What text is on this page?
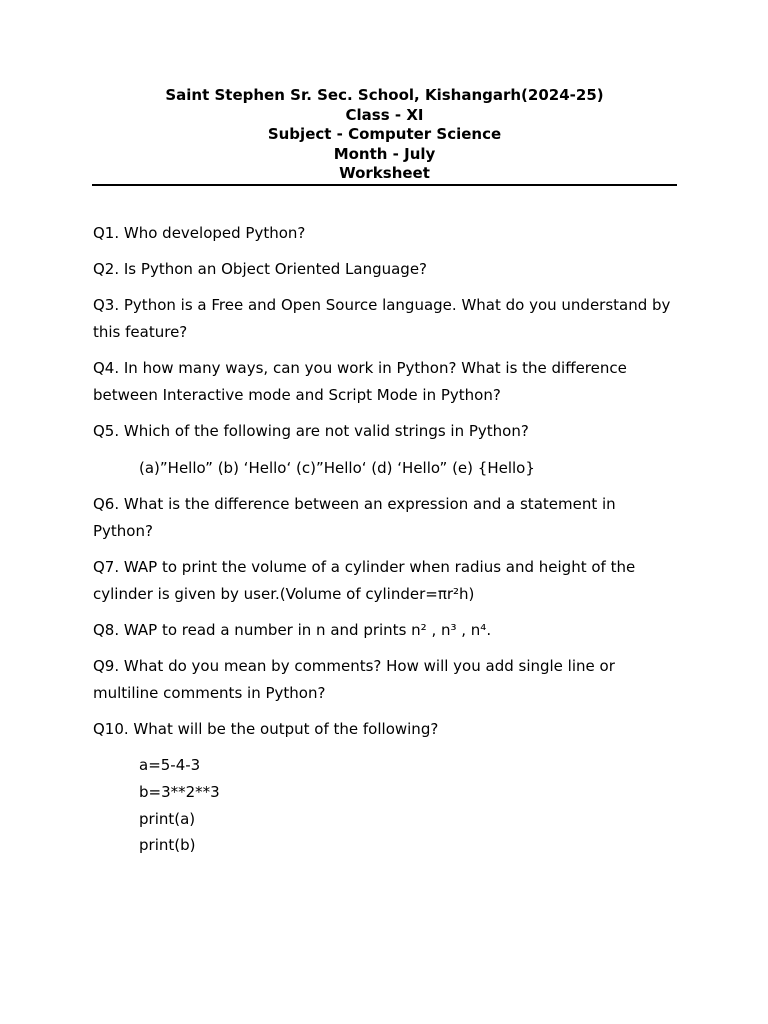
Saint Stephen Sr. Sec. School, Kishangarh(2024-25)
Class - XI
Subject - Computer Science
Month - July
Worksheet

Q1. Who developed Python?

Q2. Is Python an Object Oriented Language?

Q3. Python is a Free and Open Source language. What do you understand by this feature?

Q4. In how many ways, can you work in Python? What is the difference between Interactive mode and Script Mode in Python?

Q5. Which of the following are not valid strings in Python?

(a)”Hello” (b) ‘Hello‘ (c)”Hello‘ (d) ‘Hello” (e) {Hello}

Q6. What is the difference between an expression and a statement in Python?

Q7. WAP to print the volume of a cylinder when radius and height of the cylinder is given by user.(Volume of cylinder=πr²h)

Q8. WAP to read a number in n and prints n² , n³ , n⁴.

Q9. What do you mean by comments? How will you add single line or multiline comments in Python?

Q10. What will be the output of the following?

a=5-4-3
b=3**2**3
print(a)
print(b)
